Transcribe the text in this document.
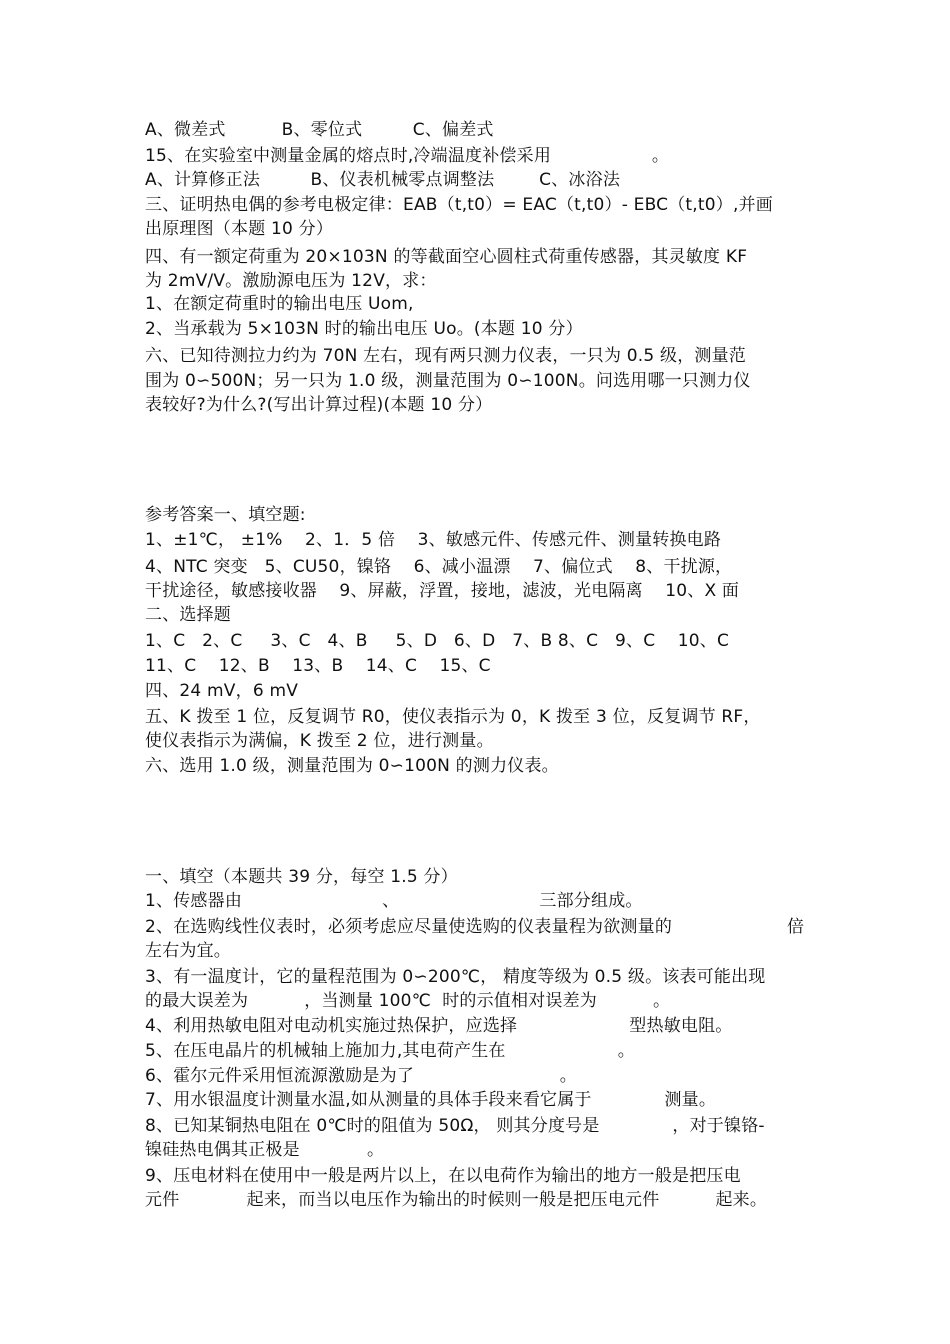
A、微差式          B、零位式         C、偏差式
15、在实验室中测量金属的熔点时,冷端温度补偿采用                  。
A、计算修正法         B、仪表机械零点调整法        C、冰浴法
三、证明热电偶的参考电极定律：EAB（t,t0）= EAC（t,t0）- EBC（t,t0）,并画
出原理图（本题 10 分）
四、有一额定荷重为 20×103N 的等截面空心圆柱式荷重传感器，其灵敏度 KF
为 2mV/V。激励源电压为 12V，求：
1、在额定荷重时的输出电压 Uom,
2、当承载为 5×103N 时的输出电压 Uo。(本题 10 分）
六、已知待测拉力约为 70N 左右，现有两只测力仪表，一只为 0.5 级，测量范
围为 0∽500N；另一只为 1.0 级，测量范围为 0∽100N。问选用哪一只测力仪
表较好?为什么?(写出计算过程)(本题 10 分）
参考答案一、填空题:
1、±1℃， ±1%    2、1．5 倍    3、敏感元件、传感元件、测量转换电路
4、NTC 突变   5、CU50，镍铬    6、减小温漂    7、偏位式    8、干扰源，
干扰途径，敏感接收器    9、屏蔽，浮置，接地，滤波，光电隔离    10、X 面
二、选择题
1、C   2、C     3、C   4、B     5、D   6、D   7、B 8、C   9、C    10、C
11、C    12、B    13、B    14、C    15、C
四、24 mV，6 mV
五、K 拨至 1 位，反复调节 R0，使仪表指示为 0，K 拨至 3 位，反复调节 RF，
使仪表指示为满偏，K 拨至 2 位，进行测量。
六、选用 1.0 级，测量范围为 0∽100N 的测力仪表。
一、填空（本题共 39 分，每空 1.5 分）
1、传感器由                         、                         三部分组成。
2、在选购线性仪表时，必须考虑应尽量使选购的仪表量程为欲测量的	倍
左右为宜。
3、有一温度计，它的量程范围为 0∽200℃， 精度等级为 0.5 级。该表可能出现
的最大误差为          ，当测量 100℃  时的示值相对误差为          。
4、利用热敏电阻对电动机实施过热保护，应选择                    型热敏电阻。
5、在压电晶片的机械轴上施加力,其电荷产生在                    。
6、霍尔元件采用恒流源激励是为了                          。
7、用水银温度计测量水温,如从测量的具体手段来看它属于             测量。
8、已知某铜热电阻在 0℃时的阻值为 50Ω， 则其分度号是             ，对于镍铬-
镍硅热电偶其正极是            。
9、压电材料在使用中一般是两片以上，在以电荷作为输出的地方一般是把压电
元件            起来，而当以电压作为输出的时候则一般是把压电元件          起来。
